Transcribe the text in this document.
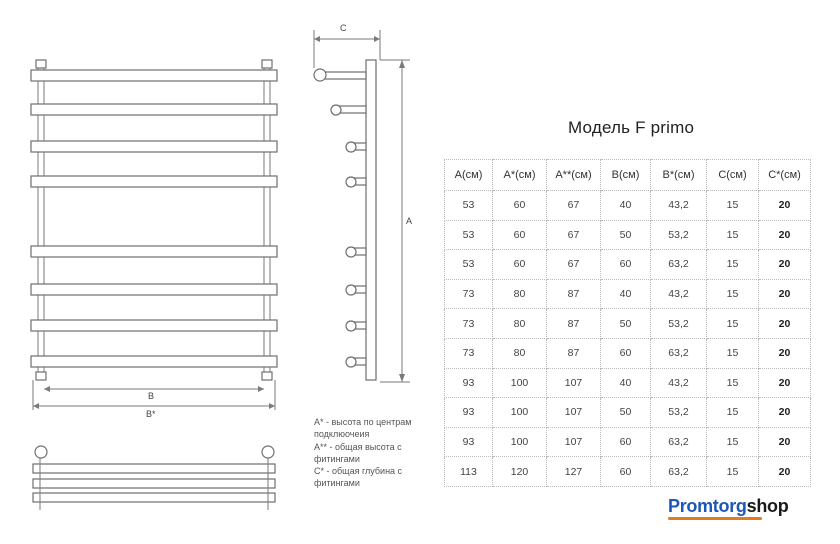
B
B*
C
A
Модель F primo
A(см)	A*(см)	A**(см)	B(см)	B*(см)	C(см)	C*(см)
53	60	67	40	43,2	15	20
53	60	67	50	53,2	15	20
53	60	67	60	63,2	15	20
73	80	87	40	43,2	15	20
73	80	87	50	53,2	15	20
73	80	87	60	63,2	15	20
93	100	107	40	43,2	15	20
93	100	107	50	53,2	15	20
93	100	107	60	63,2	15	20
113	120	127	60	63,2	15	20
A* - высота по центрам
подклюочеия
A** - общая высота с
фитингами
C* - общая глубина с
фитингами
Promtorgshop
